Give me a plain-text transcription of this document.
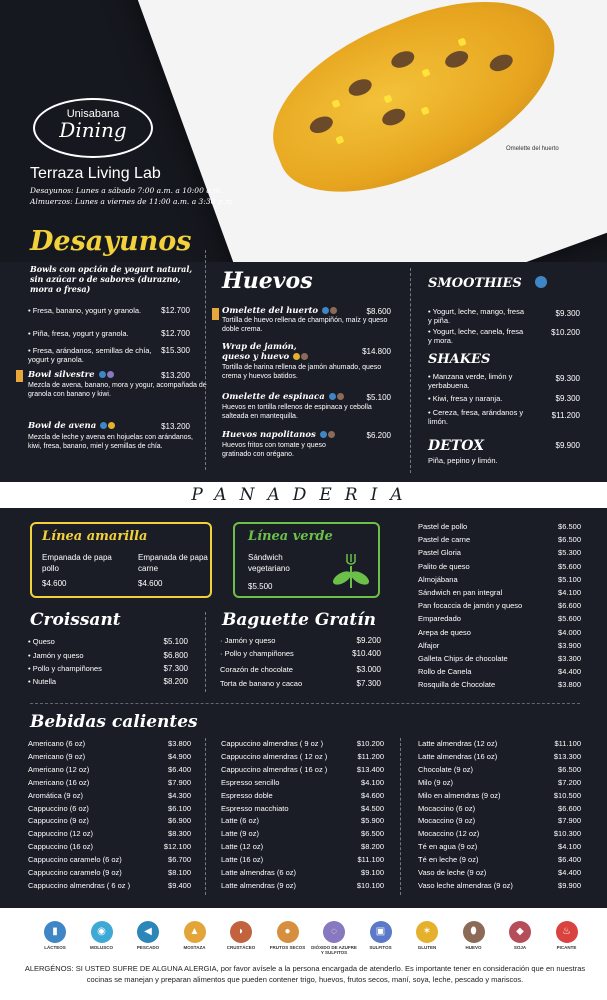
Omelette del huerto
Unisabana
Dining
Terraza Living Lab
Desayunos: Lunes a sábado 7:00 a.m. a 10:00 a.m.
Almuerzos: Lunes a viernes de 11:00 a.m. a 3:30 p.m.
Desayunos
Bowls con opción de yogurt natural, sin azúcar o de sabores (durazno, mora o fresa)
• Fresa, banano, yogurt y granola.	$12.700
• Piña, fresa, yogurt y granola.	$12.700
• Fresa, arándanos, semillas de chía, yogurt y granola.
$15.300
Bowl silvestre	$13.200
Mezcla de avena, banano, mora y yogur, acompañada de granola con banano y kiwi.
Bowl de avena	$13.200
Mezcla de leche y avena en hojuelas con arándanos, kiwi, fresa, banano, miel y semillas de chía.
Huevos
Omelette del huerto	$8.600
Tortilla de huevo rellena de champiñón, maíz y queso doble crema.
Wrap de jamón, queso y huevo
$14.800
Tortilla de harina rellena de jamón ahumado, queso crema y huevos batidos.
Omelette de espinaca	$5.100
Huevos en tortilla rellenos de espinaca y cebolla salteada en mantequilla.
Huevos napolitanos	$6.200
Huevos fritos con tomate y queso gratinado con orégano.
SMOOTHIES
• Yogurt, leche, mango, fresa y piña.
$9.300
• Yogurt, leche, canela, fresa y mora.
$10.200
SHAKES
• Manzana verde, limón y yerbabuena.
$9.300
• Kiwi, fresa y naranja.	$9.300
• Cereza, fresa, arándanos y limón.
$11.200
DETOX	$9.900
Piña, pepino y limón.
PANADERIA
Línea amarilla
Empanada de papa pollo
$4.600
Empanada de papa carne
$4.600
Línea verde
Sándwich vegetariano
$5.500
Croissant
• Queso	$5.100
• Jamón y queso	$6.800
• Pollo y champiñones	$7.300
• Nutella	$8.200
Baguette Gratín
· Jamón y queso	$9.200
· Pollo y champiñones	$10.400
Corazón de chocolate	$3.000
Torta de banano y cacao	$7.300
Bebidas calientes
▮
LÁCTEOS
◉
MOLUSCO
◀
PESCADO
▲
MOSTAZA
◗
CRUSTÁCEO
●
FRUTOS SECOS
◌
DIÓXIDO DE AZUFRE Y SULFITOS
▣
SULFITOS
✶
GLUTEN
⬮
HUEVO
◆
SOJA
♨
PICANTE
ALERGÉNOS: SI USTED SUFRE DE ALGUNA ALERGIA, por favor avísele a la persona encargada de atenderlo. Es importante tener en consideración que en nuestras cocinas se manejan y preparan alimentos que pueden contener trigo, huevos, frutos secos, maní, soya, leche, pescado y mariscos.
Pastel de pollo	$6.500
Pastel de carne	$6.500
Pastel Gloria	$5.300
Palito de queso	$5.600
Almojábana	$5.100
Sándwich en pan integral	$4.100
Pan focaccia de jamón y queso	$6.600
Emparedado	$5.600
Arepa de queso	$4.000
Alfajor	$3.900
Galleta Chips de chocolate	$3.300
Rollo de Canela	$4.400
Rosquilla de Chocolate	$3.800
Americano (6 oz)	$3.800
Americano (9 oz)	$4.900
Americano (12 oz)	$6.400
Americano (16 oz)	$7.900
Aromática (9 oz)	$4.300
Cappuccino (6 oz)	$6.100
Cappuccino (9 oz)	$6.900
Cappuccino (12 oz)	$8.300
Cappuccino (16 oz)	$12.100
Cappuccino caramelo (6 oz)	$6.700
Cappuccino caramelo (9 oz)	$8.100
Cappuccino almendras ( 6 oz )	$9.400
Cappuccino almendras ( 9 oz )	$10.200
Cappuccino almendras ( 12 oz )	$11.200
Cappuccino almendras ( 16 oz )	$13.400
Espresso sencillo	$4.100
Espresso doble	$4.600
Espresso macchiato	$4.500
Latte (6 oz)	$5.900
Latte (9 oz)	$6.500
Latte (12 oz)	$8.200
Latte (16 oz)	$11.100
Latte almendras (6 oz)	$9.100
Latte almendras (9 oz)	$10.100
Latte almendras (12 oz)	$11.100
Latte almendras (16 oz)	$13.300
Chocolate (9 oz)	$6.500
Milo (9 oz)	$7.200
Milo en almendras (9 oz)	$10.500
Mocaccino (6 oz)	$6.600
Mocaccino (9 oz)	$7.900
Mocaccino (12 oz)	$10.300
Té en agua (9 oz)	$4.100
Té en leche (9 oz)	$6.400
Vaso de leche (9 oz)	$4.400
Vaso leche almendras (9 oz)	$9.900
